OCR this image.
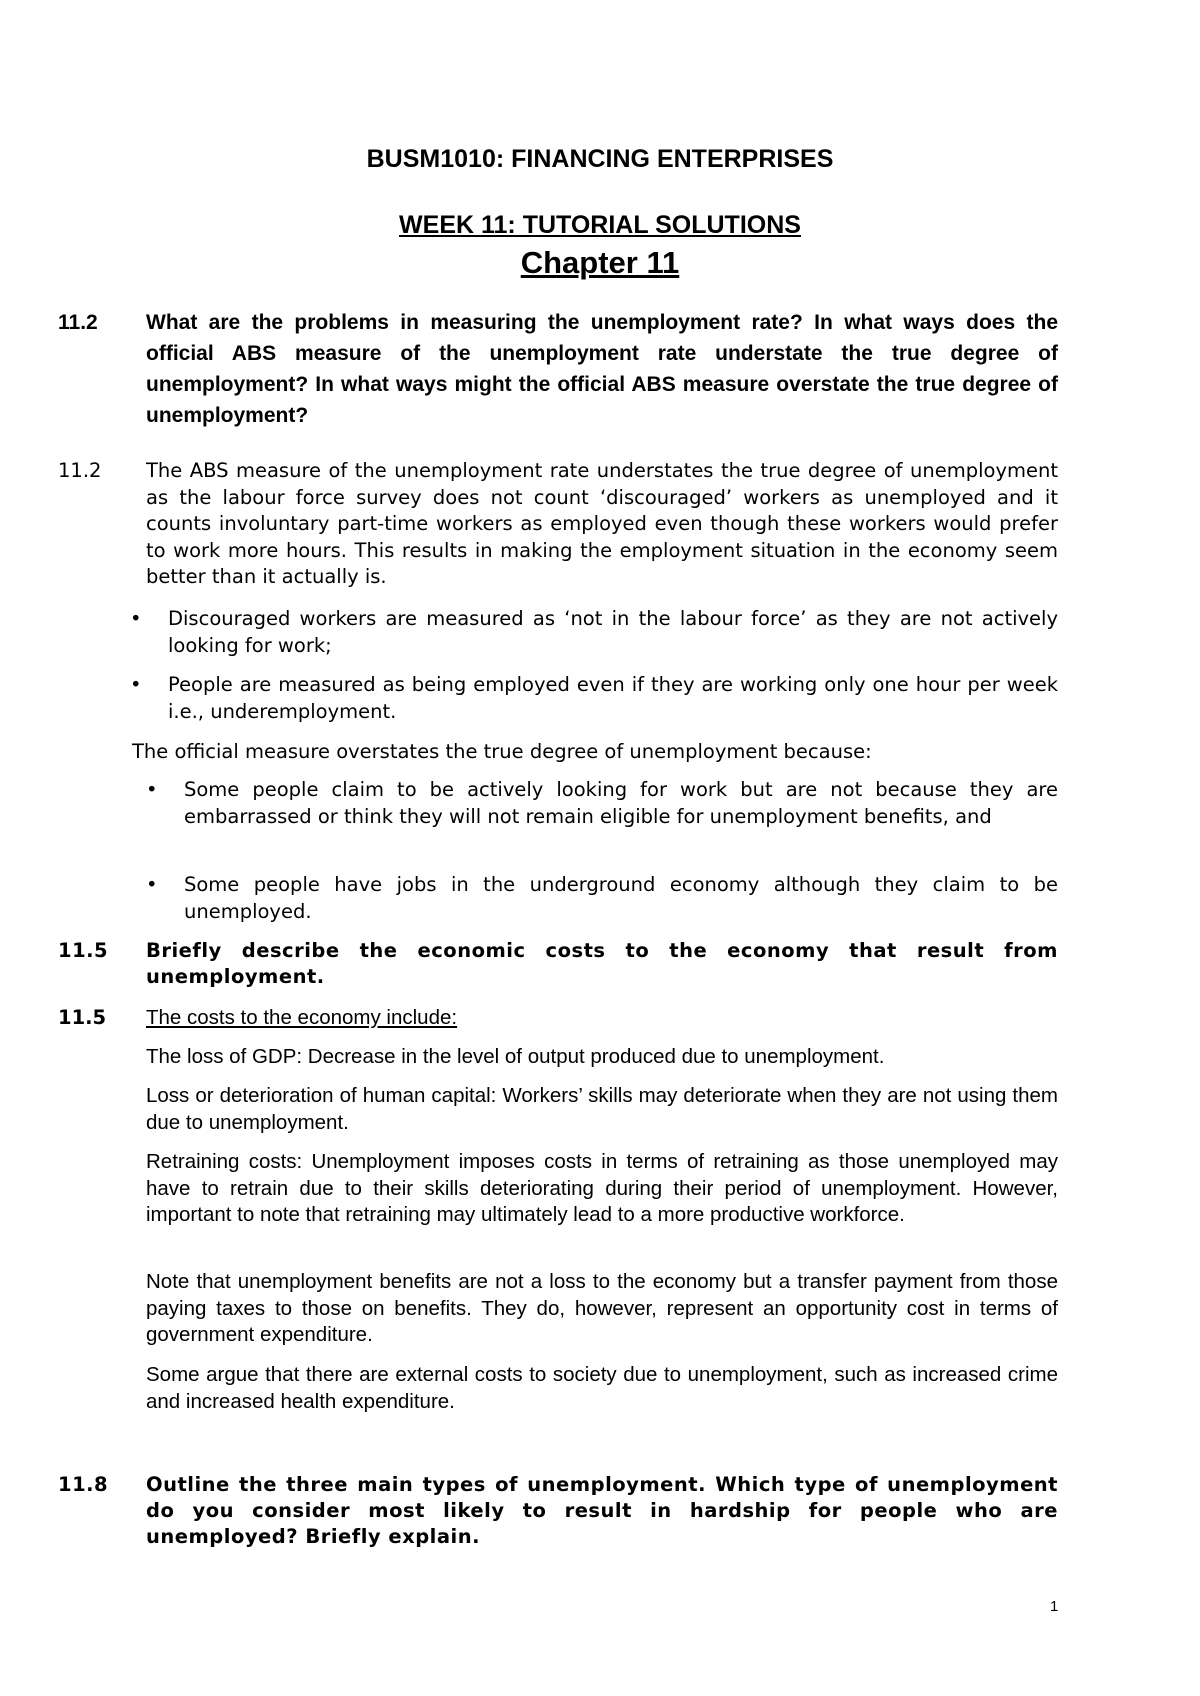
BUSM1010: FINANCING ENTERPRISES
WEEK 11: TUTORIAL SOLUTIONS
Chapter 11
11.2 What are the problems in measuring the unemployment rate? In what ways does the official ABS measure of the unemployment rate understate the true degree of unemployment? In what ways might the official ABS measure overstate the true degree of unemployment?
11.2 The ABS measure of the unemployment rate understates the true degree of unemployment as the labour force survey does not count ‘discouraged’ workers as unemployed and it counts involuntary part-time workers as employed even though these workers would prefer to work more hours. This results in making the employment situation in the economy seem better than it actually is.
• Discouraged workers are measured as ‘not in the labour force’ as they are not actively looking for work;
• People are measured as being employed even if they are working only one hour per week i.e., underemployment.
The official measure overstates the true degree of unemployment because:
• Some people claim to be actively looking for work but are not because they are embarrassed or think they will not remain eligible for unemployment benefits, and
• Some people have jobs in the underground economy although they claim to be unemployed.
11.5 Briefly describe the economic costs to the economy that result from unemployment.
11.5 The costs to the economy include:
The loss of GDP: Decrease in the level of output produced due to unemployment.
Loss or deterioration of human capital: Workers’ skills may deteriorate when they are not using them due to unemployment.
Retraining costs: Unemployment imposes costs in terms of retraining as those unemployed may have to retrain due to their skills deteriorating during their period of unemployment. However, important to note that retraining may ultimately lead to a more productive workforce.
Note that unemployment benefits are not a loss to the economy but a transfer payment from those paying taxes to those on benefits. They do, however, represent an opportunity cost in terms of government expenditure.
Some argue that there are external costs to society due to unemployment, such as increased crime and increased health expenditure.
11.8 Outline the three main types of unemployment. Which type of unemployment do you consider most likely to result in hardship for people who are unemployed? Briefly explain.
1
